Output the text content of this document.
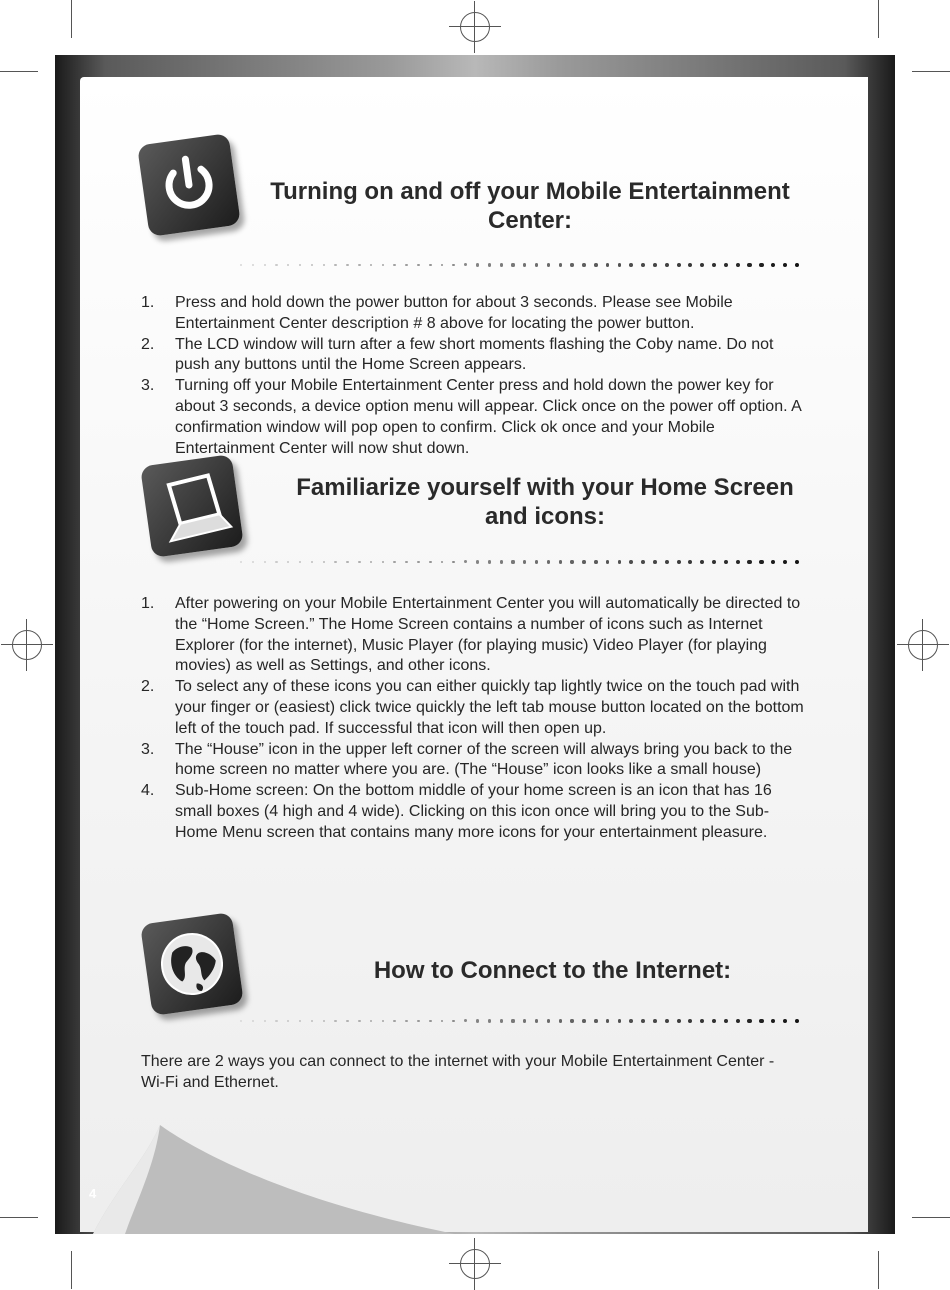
Turning on and off your Mobile Entertainment
Center:
1. Press and hold down the power button for about 3 seconds. Please see Mobile Entertainment Center description # 8 above for locating the power button.
2. The LCD window will turn after a few short moments flashing the Coby name. Do not push any buttons until the Home Screen appears.
3. Turning off your Mobile Entertainment Center press and hold down the power key for about 3 seconds, a device option menu will appear. Click once on the power off option. A confirmation window will pop open to confirm. Click ok once and your Mobile Entertainment Center will now shut down.
Familiarize yourself with your Home Screen
and icons:
1. After powering on your Mobile Entertainment Center you will automatically be directed to the “Home Screen.” The Home Screen contains a number of icons such as Internet Explorer (for the internet), Music Player (for playing music) Video Player (for playing movies) as well as Settings, and other icons.
2. To select any of these icons you can either quickly tap lightly twice on the touch pad with your finger or (easiest) click twice quickly the left tab mouse button located on the bottom left of the touch pad. If successful that icon will then open up.
3. The “House” icon in the upper left corner of the screen will always bring you back to the home screen no matter where you are. (The “House” icon looks like a small house)
4. Sub-Home screen: On the bottom middle of your home screen is an icon that has 16 small boxes (4 high and 4 wide). Clicking on this icon once will bring you to the Sub-Home Menu screen that contains many more icons for your entertainment pleasure.
How to Connect to the Internet:
There are 2 ways you can connect to the internet with your Mobile Entertainment Center - Wi-Fi and Ethernet.
4
